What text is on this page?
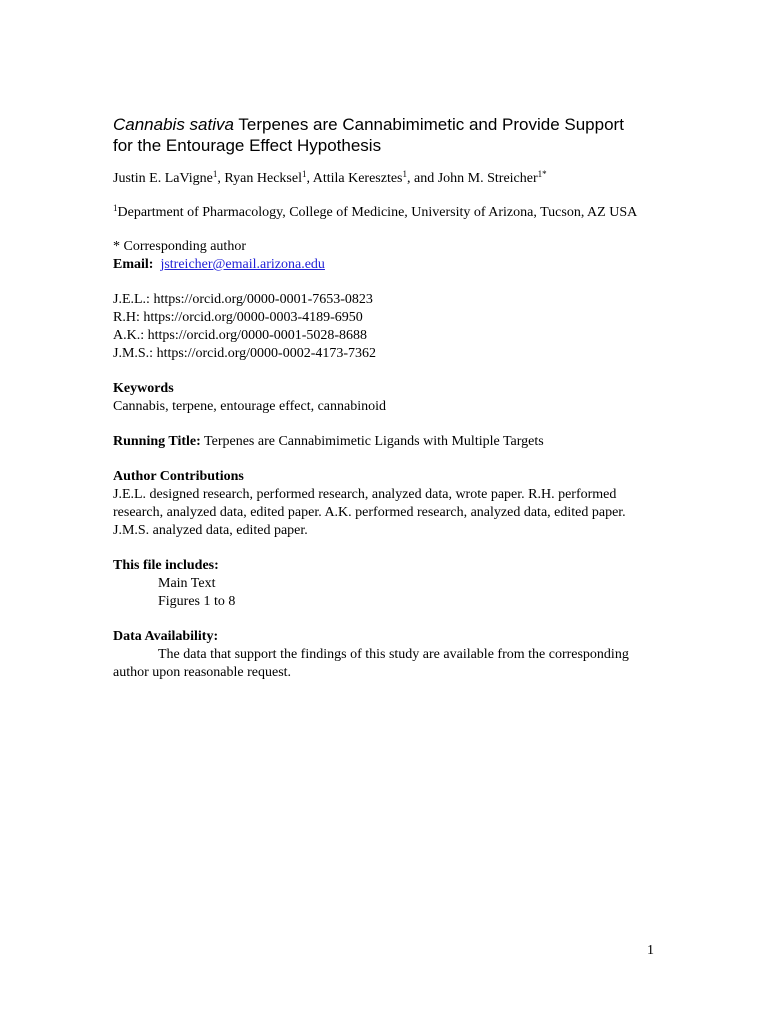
Cannabis sativa Terpenes are Cannabimimetic and Provide Support
for the Entourage Effect Hypothesis

Justin E. LaVigne$^1$, Ryan Hecksel$^1$, Attila Keresztes$^1$, and John M. Streicher$^{1*}$

$^1$Department of Pharmacology, College of Medicine, University of Arizona, Tucson, AZ USA

* Corresponding author

Email: jstreicher@email.arizona.edu

J.E.L.: https://orcid.org/0000-0001-7653-0823

R.H: https://orcid.org/0000-0003-4189-6950

A.K.: https://orcid.org/0000-0001-5028-8688

J.M.S.: https://orcid.org/0000-0002-4173-7362

Keywords

Cannabis, terpene, entourage effect, cannabinoid

Running Title: Terpenes are Cannabimimetic Ligands with Multiple Targets

Author Contributions

J.E.L. designed research, performed research, analyzed data, wrote paper. R.H. performed research, analyzed data, edited paper. A.K. performed research, analyzed data, edited paper. J.M.S. analyzed data, edited paper.

This file includes:

Main Text

Figures 1 to 8

Data Availability:

The data that support the findings of this study are available from the corresponding author upon reasonable request.

1
